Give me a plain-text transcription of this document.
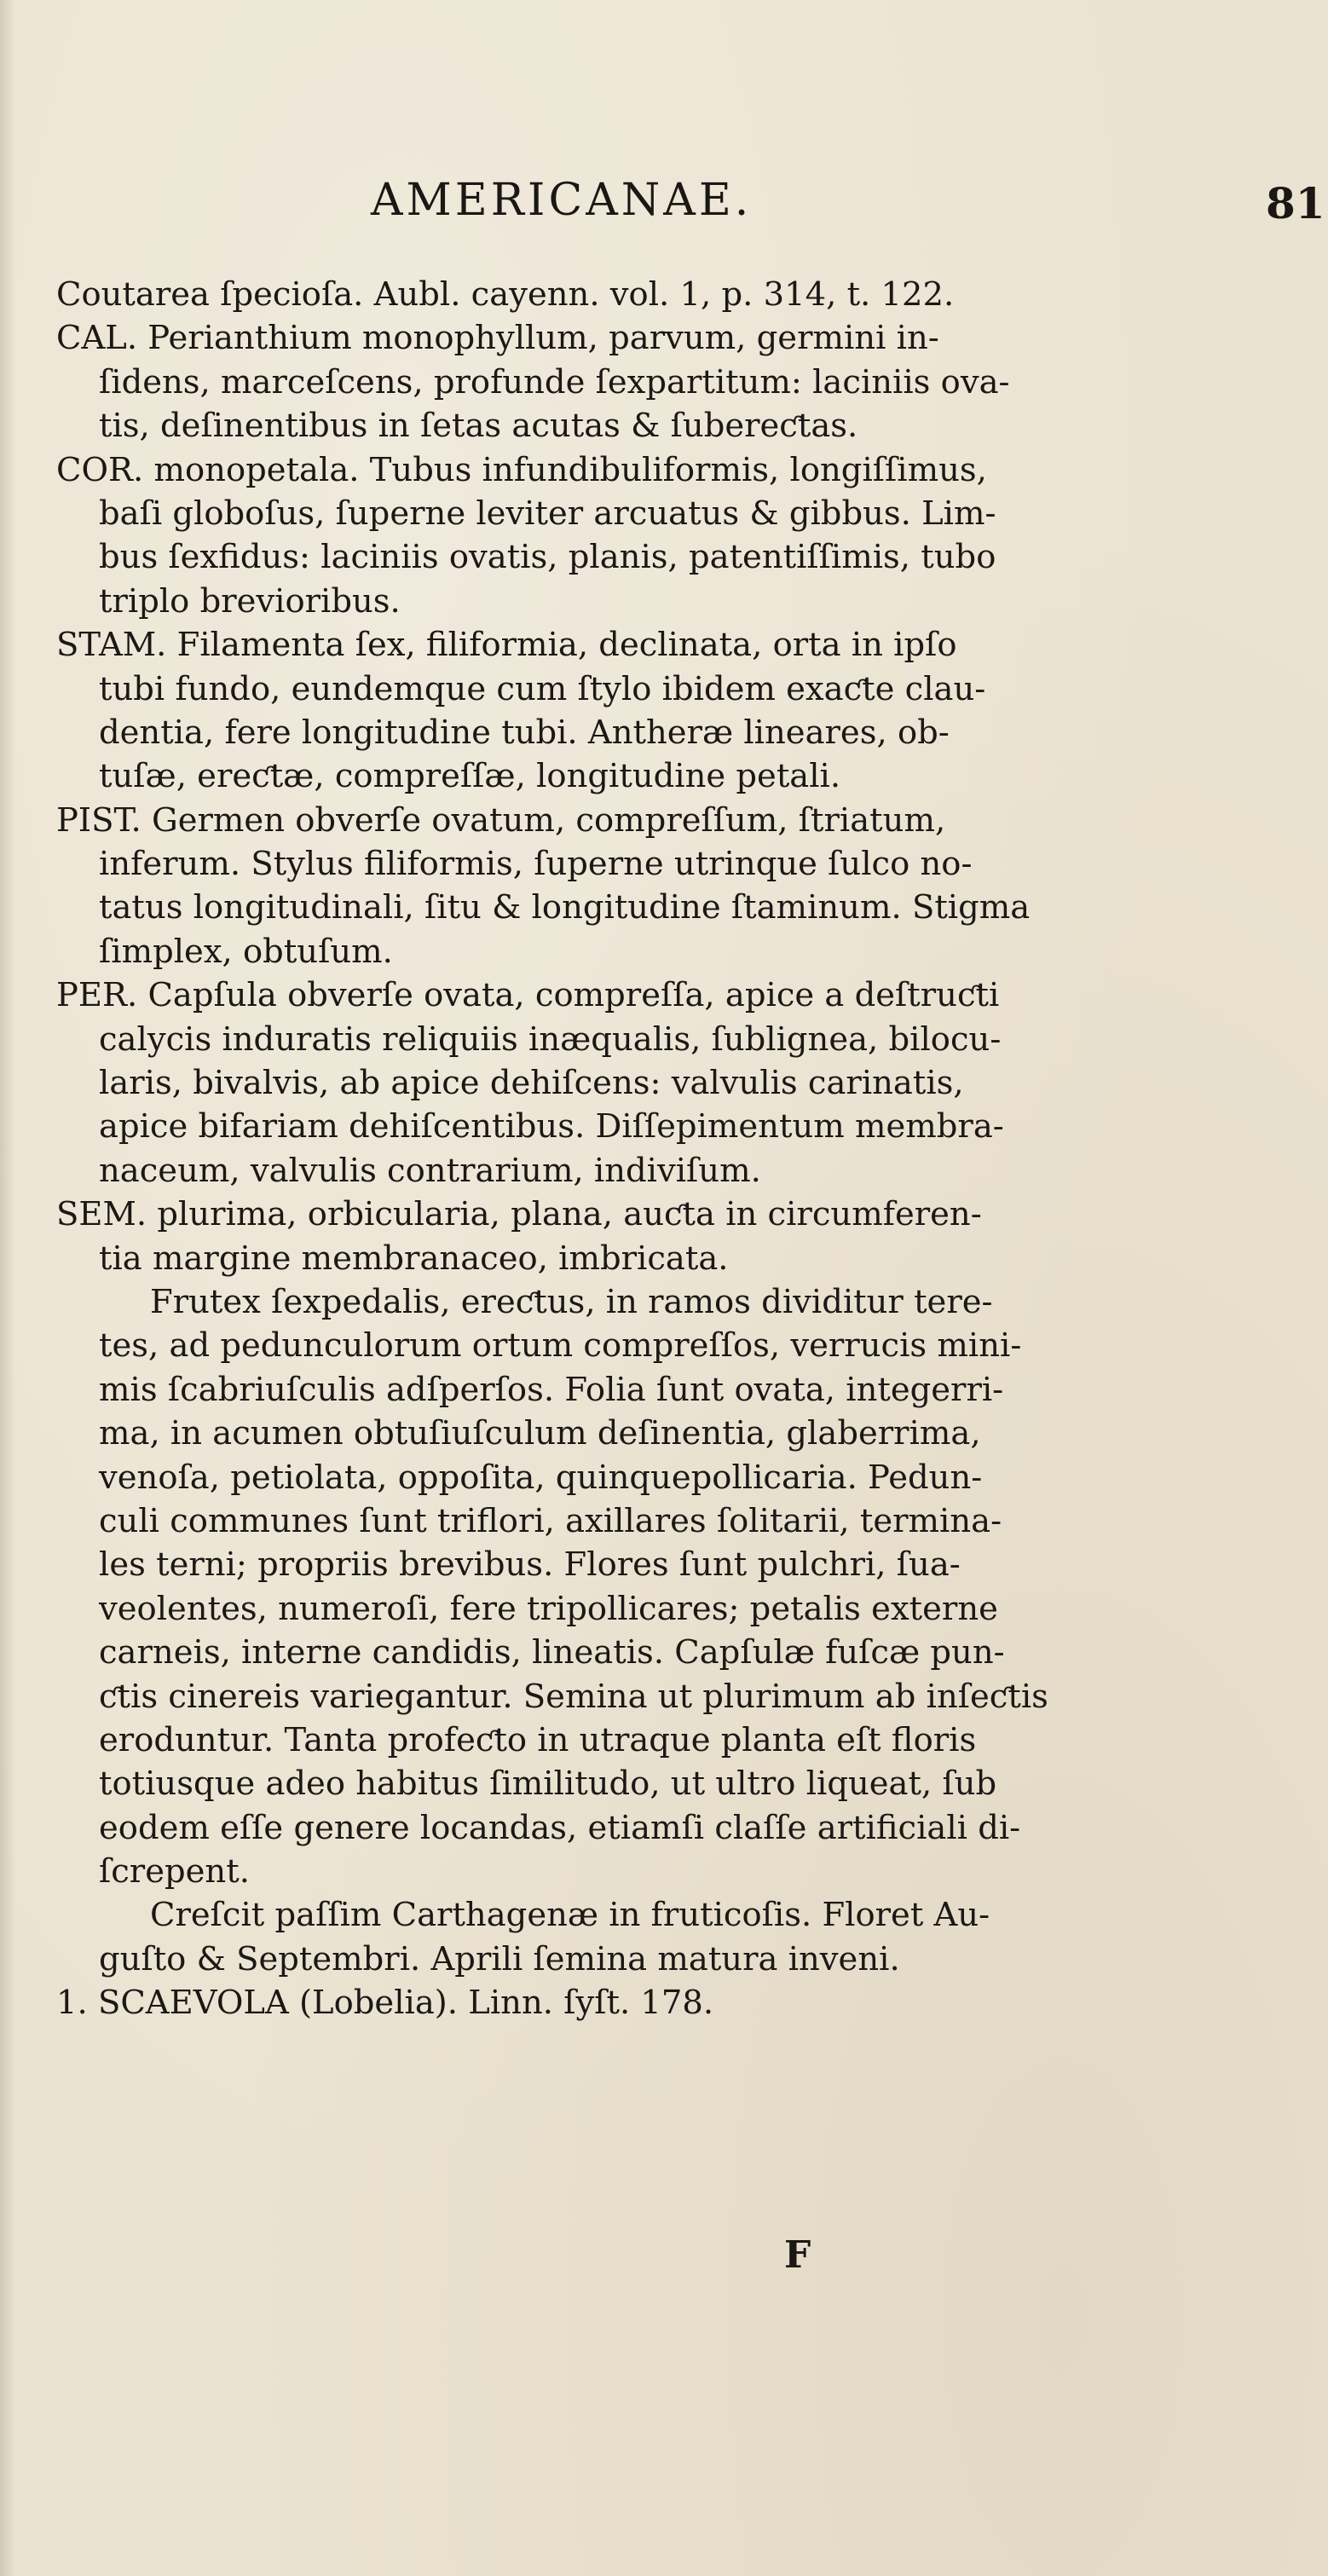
AMERICANAE.	81
Coutarea ſpecioſa. Aubl. cayenn. vol. 1, p. 314, t. 122.
CAL. Perianthium monophyllum, parvum, germini in-
ſidens, marceſcens, profunde ſexpartitum: laciniis ova-
tis, deſinentibus in ſetas acutas & ſubereƈtas.
COR. monopetala. Tubus infundibuliformis, longiſſimus,
baſi globoſus, ſuperne leviter arcuatus & gibbus. Lim-
bus ſexfidus: laciniis ovatis, planis, patentiſſimis, tubo
triplo brevioribus.
STAM. Filamenta ſex, filiformia, declinata, orta in ipſo
tubi fundo, eundemque cum ſtylo ibidem exaƈte clau-
dentia, fere longitudine tubi. Antheræ lineares, ob-
tuſæ, ereƈtæ, compreſſæ, longitudine petali.
PIST. Germen obverſe ovatum, compreſſum, ſtriatum,
inferum. Stylus filiformis, ſuperne utrinque ſulco no-
tatus longitudinali, ſitu & longitudine ſtaminum. Stigma
ſimplex, obtuſum.
PER. Capſula obverſe ovata, compreſſa, apice a deſtruƈti
calycis induratis reliquiis inæqualis, ſublignea, bilocu-
laris, bivalvis, ab apice dehiſcens: valvulis carinatis,
apice bifariam dehiſcentibus. Diſſepimentum membra-
naceum, valvulis contrarium, indiviſum.
SEM. plurima, orbicularia, plana, auƈta in circumferen-
tia margine membranaceo, imbricata.
Frutex ſexpedalis, ereƈtus, in ramos dividitur tere-
tes, ad pedunculorum ortum compreſſos, verrucis mini-
mis ſcabriuſculis adſperſos. Folia ſunt ovata, integerri-
ma, in acumen obtuſiuſculum deſinentia, glaberrima,
venoſa, petiolata, oppoſita, quinquepollicaria. Pedun-
culi communes ſunt triflori, axillares ſolitarii, termina-
les terni; propriis brevibus. Flores ſunt pulchri, ſua-
veolentes, numeroſi, fere tripollicares; petalis externe
carneis, interne candidis, lineatis. Capſulæ fuſcæ pun-
ƈtis cinereis variegantur. Semina ut plurimum ab inſeƈtis
eroduntur. Tanta profeƈto in utraque planta eſt floris
totiusque adeo habitus ſimilitudo, ut ultro liqueat, ſub
eodem eſſe genere locandas, etiamſi claſſe artificiali di-
ſcrepent.
Creſcit paſſim Carthagenæ in fruticoſis. Floret Au-
guſto & Septembri. Aprili ſemina matura inveni.
1. SCAEVOLA (Lobelia). Linn. ſyſt. 178.
F
